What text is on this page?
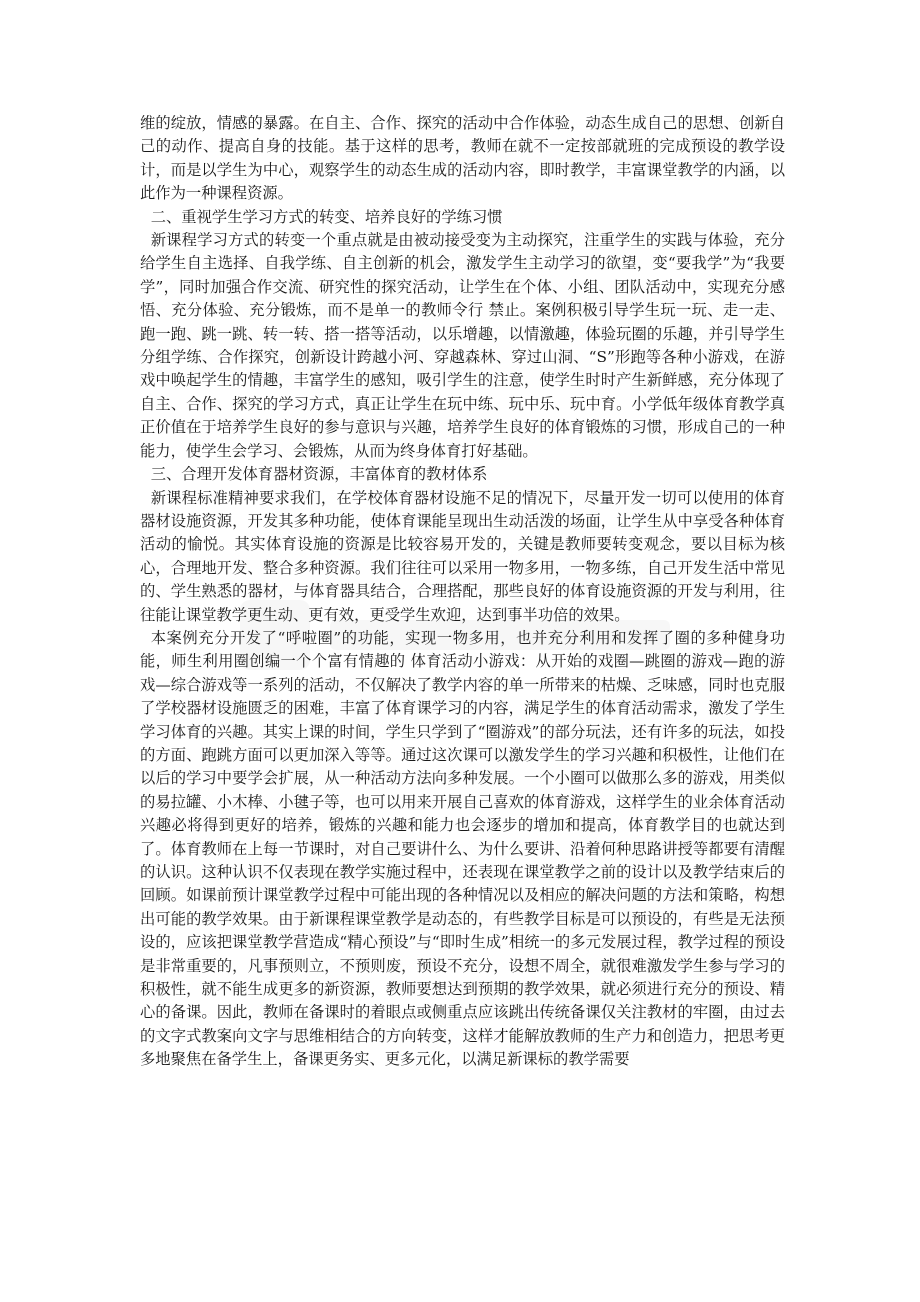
维的绽放，情感的暴露。在自主、合作、探究的活动中合作体验，动态生成自己的思想、创新自己的动作、提高自身的技能。基于这样的思考，教师在就不一定按部就班的完成预设的教学设计，而是以学生为中心，观察学生的动态生成的活动内容，即时教学，丰富课堂教学的内涵，以此作为一种课程资源。

二、重视学生学习方式的转变、培养良好的学练习惯

新课程学习方式的转变一个重点就是由被动接受变为主动探究，注重学生的实践与体验，充分给学生自主选择、自我学练、自主创新的机会，激发学生主动学习的欲望，变“要我学”为“我要学”，同时加强合作交流、研究性的探究活动，让学生在个体、小组、团队活动中，实现充分感悟、充分体验、充分锻炼，而不是单一的教师令行 禁止。案例积极引导学生玩一玩、走一走、跑一跑、跳一跳、转一转、搭一搭等活动，以乐增趣，以情激趣，体验玩圈的乐趣，并引导学生分组学练、合作探究，创新设计跨越小河、穿越森林、穿过山洞、“S”形跑等各种小游戏，在游戏中唤起学生的情趣，丰富学生的感知，吸引学生的注意，使学生时时产生新鲜感，充分体现了自主、合作、探究的学习方式，真正让学生在玩中练、玩中乐、玩中育。小学低年级体育教学真正价值在于培养学生良好的参与意识与兴趣，培养学生良好的体育锻炼的习惯，形成自己的一种能力，使学生会学习、会锻炼，从而为终身体育打好基础。

三、合理开发体育器材资源，丰富体育的教材体系

新课程标准精神要求我们，在学校体育器材设施不足的情况下，尽量开发一切可以使用的体育器材设施资源，开发其多种功能，使体育课能呈现出生动活泼的场面，让学生从中享受各种体育活动的愉悦。其实体育设施的资源是比较容易开发的，关键是教师要转变观念，要以目标为核心，合理地开发、整合多种资源。我们往往可以采用一物多用，一物多练，自己开发生活中常见的、学生熟悉的器材，与体育器具结合，合理搭配，那些良好的体育设施资源的开发与利用，往往能让课堂教学更生动、更有效，更受学生欢迎，达到事半功倍的效果。

本案例充分开发了“呼啦圈”的功能，实现一物多用，也并充分利用和发挥了圈的多种健身功能，师生利用圈创编一个个富有情趣的 体育活动小游戏：从开始的戏圈—跳圈的游戏—跑的游戏—综合游戏等一系列的活动，不仅解决了教学内容的单一所带来的枯燥、乏味感，同时也克服了学校器材设施匮乏的困难，丰富了体育课学习的内容，满足学生的体育活动需求，激发了学生学习体育的兴趣。其实上课的时间，学生只学到了“圈游戏”的部分玩法，还有许多的玩法，如投的方面、跑跳方面可以更加深入等等。通过这次课可以激发学生的学习兴趣和积极性，让他们在以后的学习中要学会扩展，从一种活动方法向多种发展。一个小圈可以做那么多的游戏，用类似的易拉罐、小木棒、小毽子等，也可以用来开展自己喜欢的体育游戏，这样学生的业余体育活动兴趣必将得到更好的培养，锻炼的兴趣和能力也会逐步的增加和提高，体育教学目的也就达到了。体育教师在上每一节课时，对自己要讲什么、为什么要讲、沿着何种思路讲授等都要有清醒的认识。这种认识不仅表现在教学实施过程中，还表现在课堂教学之前的设计以及教学结束后的回顾。如课前预计课堂教学过程中可能出现的各种情况以及相应的解决问题的方法和策略，构想出可能的教学效果。由于新课程课堂教学是动态的，有些教学目标是可以预设的，有些是无法预设的，应该把课堂教学营造成“精心预设”与“即时生成”相统一的多元发展过程，教学过程的预设是非常重要的，凡事预则立，不预则废，预设不充分，设想不周全，就很难激发学生参与学习的积极性，就不能生成更多的新资源，教师要想达到预期的教学效果，就必须进行充分的预设、精心的备课。因此，教师在备课时的着眼点或侧重点应该跳出传统备课仅关注教材的牢圈，由过去的文字式教案向文字与思维相结合的方向转变，这样才能解放教师的生产力和创造力，把思考更多地聚焦在备学生上，备课更务实、更多元化，以满足新课标的教学需要
